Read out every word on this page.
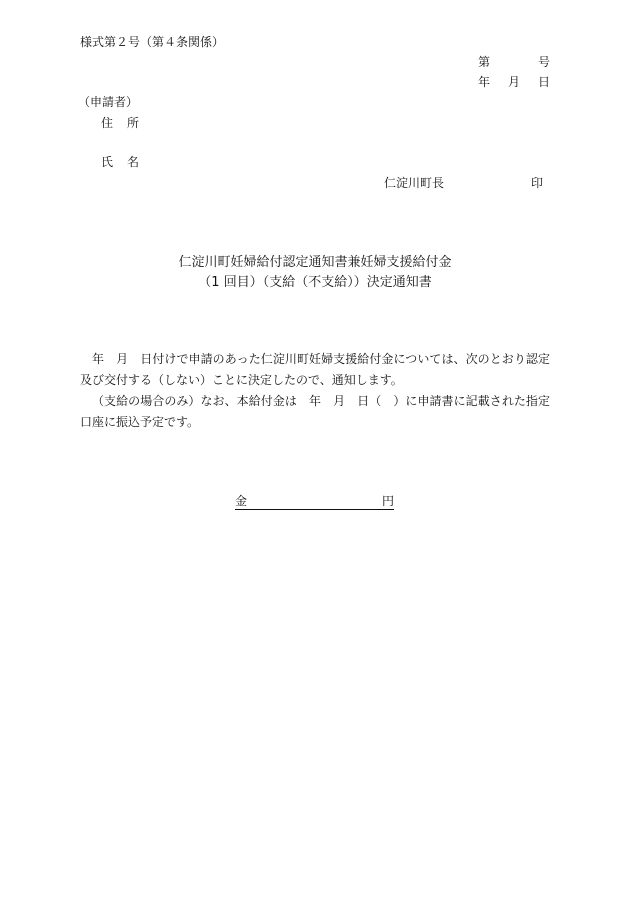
様式第２号（第４条関係）
第	号
年 月 日
（申請者）
住 所
氏 名
仁淀川町長	印
仁淀川町妊婦給付認定通知書兼妊婦支援給付金
（1 回目）（支給（不支給））決定通知書
年　月　日付けで申請のあった仁淀川町妊婦支援給付金については、次のとおり認定及び交付する（しない）ことに決定したので、通知します。
（支給の場合のみ）なお、本給付金は　年　月　日（　）に申請書に記載された指定口座に振込予定です。
金	円
